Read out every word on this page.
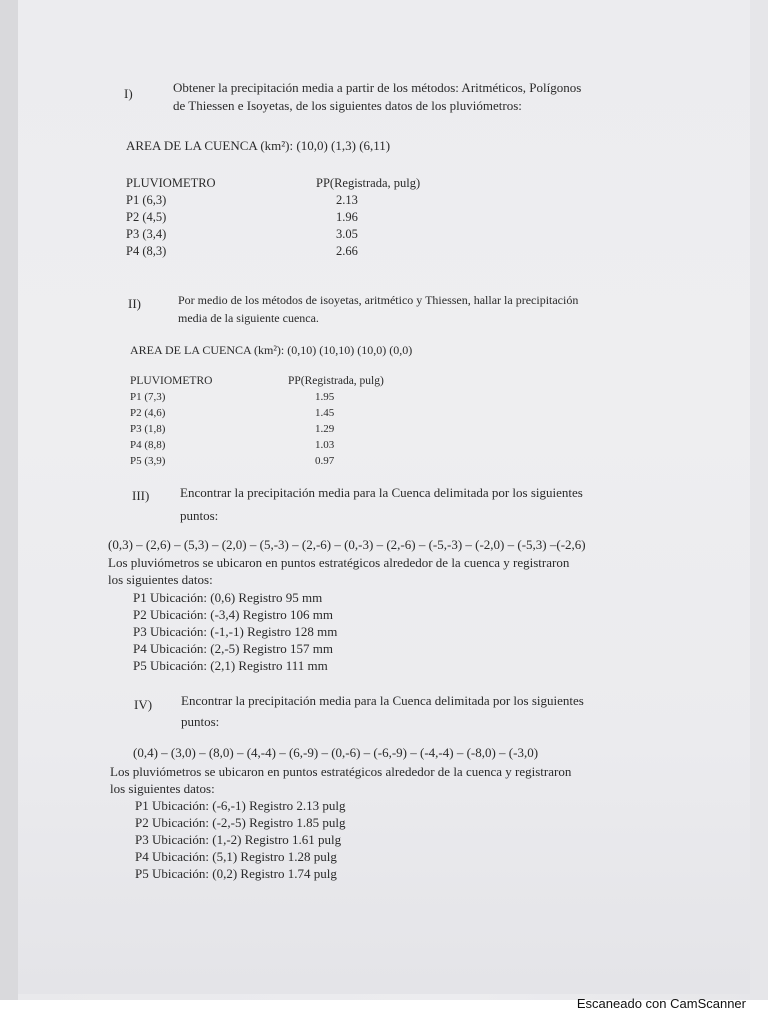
I)	Obtener la precipitación media a partir de los métodos: Aritméticos, Polígonos
de Thiessen e Isoyetas, de los siguientes datos de los pluviómetros:
AREA DE LA CUENCA (km²): (10,0) (1,3) (6,11)
PLUVIOMETRO	PP(Registrada, pulg)
P1 (6,3)	2.13
P2 (4,5)	1.96
P3 (3,4)	3.05
P4 (8,3)	2.66
II)	Por medio de los métodos de isoyetas, aritmético y Thiessen, hallar la precipitación
media de la siguiente cuenca.
AREA DE LA CUENCA (km²): (0,10) (10,10) (10,0) (0,0)
PLUVIOMETRO	PP(Registrada, pulg)
P1 (7,3)	1.95
P2 (4,6)	1.45
P3 (1,8)	1.29
P4 (8,8)	1.03
P5 (3,9)	0.97
III) Encontrar la precipitación media para la Cuenca delimitada por los siguientes
puntos:
(0,3) – (2,6) – (5,3) – (2,0) – (5,-3) – (2,-6) – (0,-3) – (2,-6) – (-5,-3) – (-2,0) – (-5,3) –(-2,6)
Los pluviómetros se ubicaron en puntos estratégicos alrededor de la cuenca y registraron
los siguientes datos:
P1 Ubicación: (0,6) Registro 95 mm
P2 Ubicación: (-3,4) Registro 106 mm
P3 Ubicación: (-1,-1) Registro 128 mm
P4 Ubicación: (2,-5) Registro 157 mm
P5 Ubicación: (2,1) Registro 111 mm
IV) Encontrar la precipitación media para la Cuenca delimitada por los siguientes
puntos:
(0,4) – (3,0) – (8,0) – (4,-4) – (6,-9) – (0,-6) – (-6,-9) – (-4,-4) – (-8,0) – (-3,0)
Los pluviómetros se ubicaron en puntos estratégicos alrededor de la cuenca y registraron
los siguientes datos:
P1 Ubicación: (-6,-1) Registro 2.13 pulg
P2 Ubicación: (-2,-5) Registro 1.85 pulg
P3 Ubicación: (1,-2) Registro 1.61 pulg
P4 Ubicación: (5,1) Registro 1.28 pulg
P5 Ubicación: (0,2) Registro 1.74 pulg
Escaneado con CamScanner
